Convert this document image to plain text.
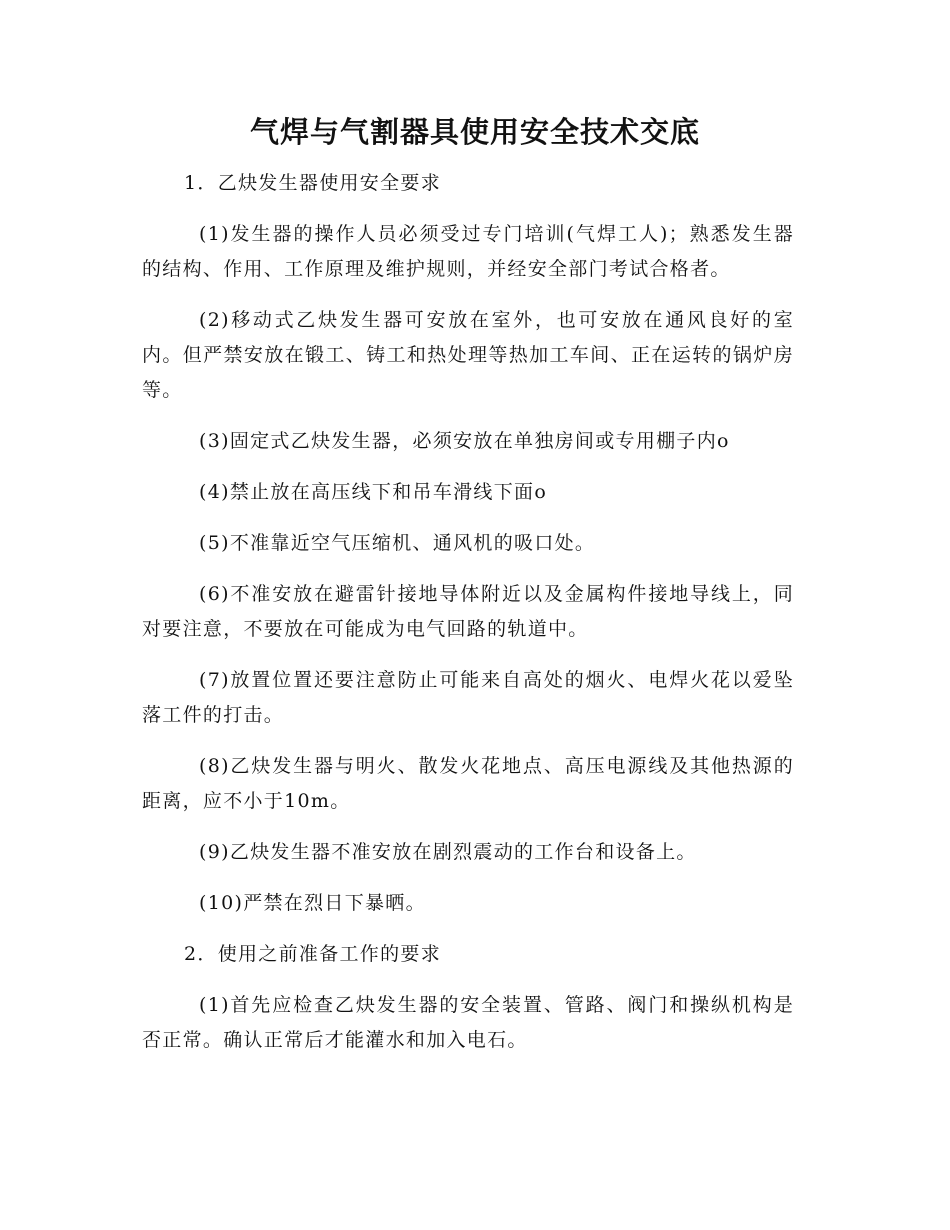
气焊与气割器具使用安全技术交底

1．乙炔发生器使用安全要求

(1)发生器的操作人员必须受过专门培训(气焊工人)；熟悉发生器的结构、作用、工作原理及维护规则，并经安全部门考试合格者。

(2)移动式乙炔发生器可安放在室外，也可安放在通风良好的室内。但严禁安放在锻工、铸工和热处理等热加工车间、正在运转的锅炉房等。

(3)固定式乙炔发生器，必须安放在单独房间或专用棚子内o

(4)禁止放在高压线下和吊车滑线下面o

(5)不准靠近空气压缩机、通风机的吸口处。

(6)不准安放在避雷针接地导体附近以及金属构件接地导线上，同对要注意，不要放在可能成为电气回路的轨道中。

(7)放置位置还要注意防止可能来自高处的烟火、电焊火花以爱坠落工件的打击。

(8)乙炔发生器与明火、散发火花地点、高压电源线及其他热源的距离，应不小于10m。

(9)乙炔发生器不准安放在剧烈震动的工作台和设备上。

(10)严禁在烈日下暴晒。

2．使用之前准备工作的要求

(1)首先应检查乙炔发生器的安全装置、管路、阀门和操纵机构是否正常。确认正常后才能灌水和加入电石。
